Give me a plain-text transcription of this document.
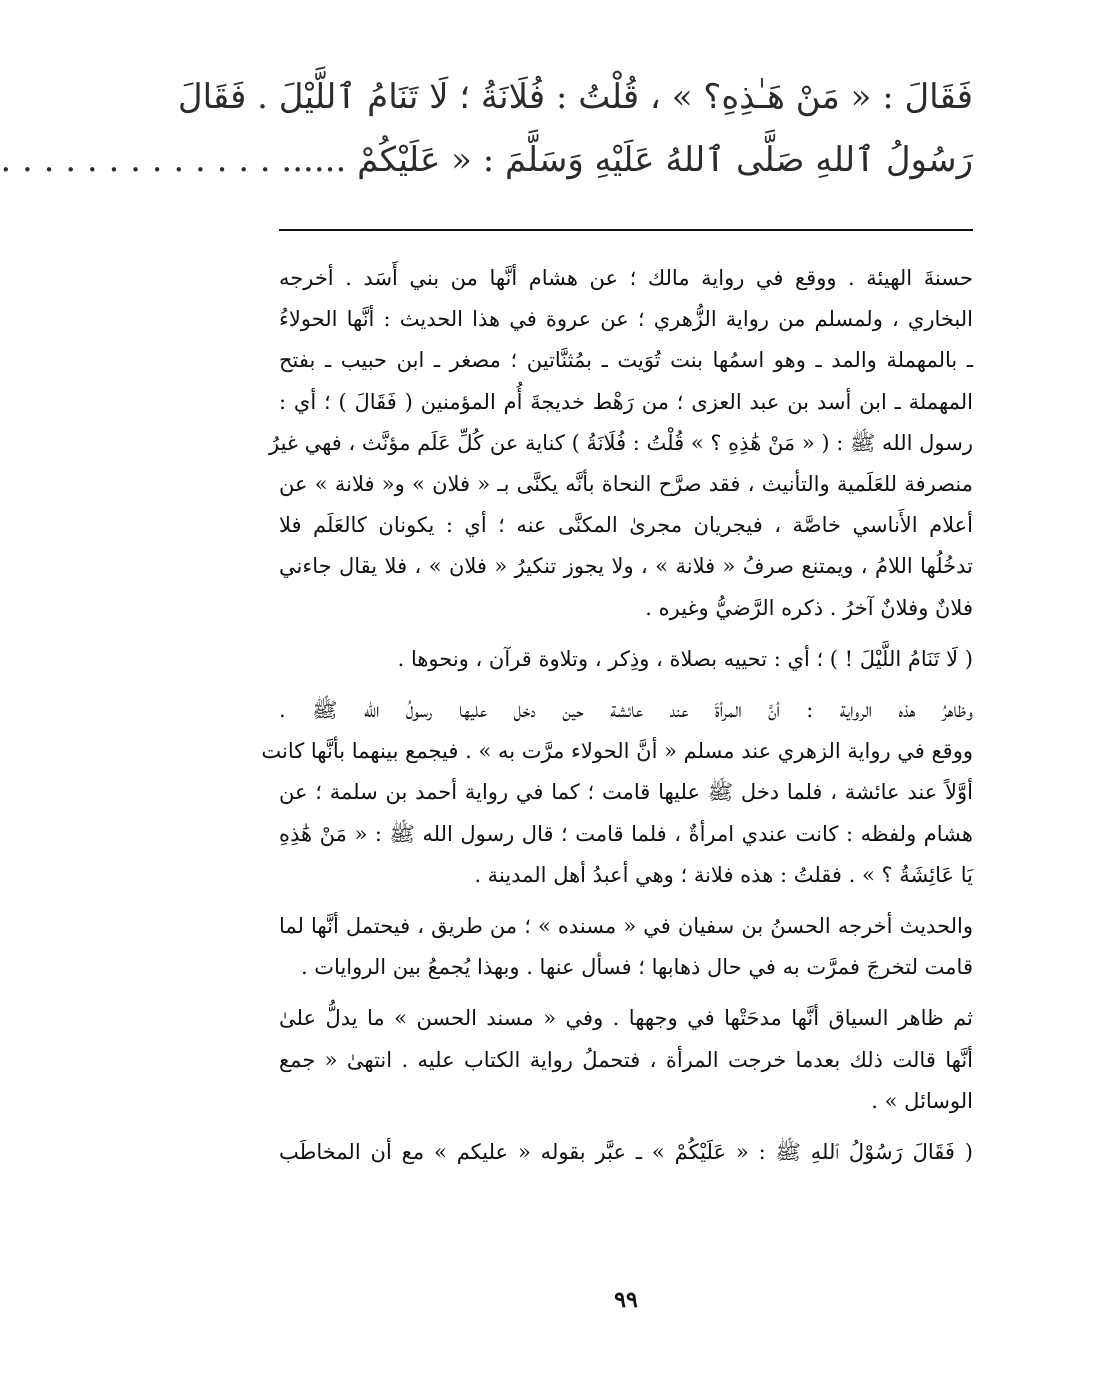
فَقَالَ : « مَنْ هَـٰذِهِ؟ » ، قُلْتُ : فُلَانَةُ ؛ لَا تَنَامُ ٱللَّيْلَ . فَقَالَ
رَسُولُ ٱللهِ صَلَّى ٱللهُ عَلَيْهِ وَسَلَّمَ : « عَلَيْكُمْ ...... . . . . . . . . . . . . .
حسنةَ الهيئة . ووقع في رواية مالك ؛ عن هشام أنَّها من بني أَسَد . أخرجه
البخاري ، ولمسلم من رواية الزُّهري ؛ عن عروة في هذا الحديث : أنَّها الحولاءُ
ـ بالمهملة والمد ـ وهو اسمُها بنت تُوَيت ـ بمُثنَّاتين ؛ مصغر ـ ابن حبيب ـ بفتح
المهملة ـ ابن أسد بن عبد العزى ؛ من رَهْط خديجةَ أُم المؤمنين ( فَقَالَ ) ؛ أي :
رسول الله ﷺ : ( « مَنْ هَٰذِهِ ؟ » قُلْتُ : فُلَانَةُ ) كناية عن كُلِّ عَلَم مؤنَّث ، فهي غيرُ
منصرفة للعَلَمية والتأنيث ، فقد صرَّح النحاة بأنَّه يكنَّى بـ « فلان » و« فلانة » عن
أعلام الأَناسي خاصَّة ، فيجريان مجرىٰ المكنَّى عنه ؛ أي : يكونان كالعَلَم فلا
تدخُلُها اللامُ ، ويمتنع صرفُ « فلانة » ، ولا يجوز تنكيرُ « فلان » ، فلا يقال جاءني
فلانٌ وفلانٌ آخرُ . ذكره الرَّضيُّ وغيره .
( لَا تَنَامُ اللَّيْلَ ! ) ؛ أي : تحييه بصلاة ، وذِكر ، وتلاوة قرآن ، ونحوها .
وظاهرُ هذه الرواية : أنَّ المرأةَ عند عائشة حين دخل عليها رسولُ الله ﷺ .
ووقع في رواية الزهري عند مسلم « أنَّ الحولاء مرَّت به » . فيجمع بينهما بأنَّها كانت
أوَّلاً عند عائشة ، فلما دخل ﷺ عليها قامت ؛ كما في رواية أحمد بن سلمة ؛ عن
هشام ولفظه : كانت عندي امرأةٌ ، فلما قامت ؛ قال رسول الله ﷺ : « مَنْ هَٰذِهِ
يَا عَائِشَةُ ؟ » . فقلتُ : هذه فلانة ؛ وهي أعبدُ أهل المدينة .
والحديث أخرجه الحسنُ بن سفيان في « مسنده » ؛ من طريق ، فيحتمل أنَّها لما
قامت لتخرجَ فمرَّت به في حال ذهابها ؛ فسأل عنها . وبهذا يُجمعُ بين الروايات .
ثم ظاهر السياق أنَّها مدحَتْها في وجهها . وفي « مسند الحسن » ما يدلُّ علىٰ
أنَّها قالت ذلك بعدما خرجت المرأة ، فتحملُ رواية الكتاب عليه . انتهىٰ « جمع
الوسائل » .
( فَقَالَ رَسُوْلُ ٱللهِ ﷺ : « عَلَيْكُمْ » ـ عبَّر بقوله « عليكم » مع أن المخاطَب
٩٩
